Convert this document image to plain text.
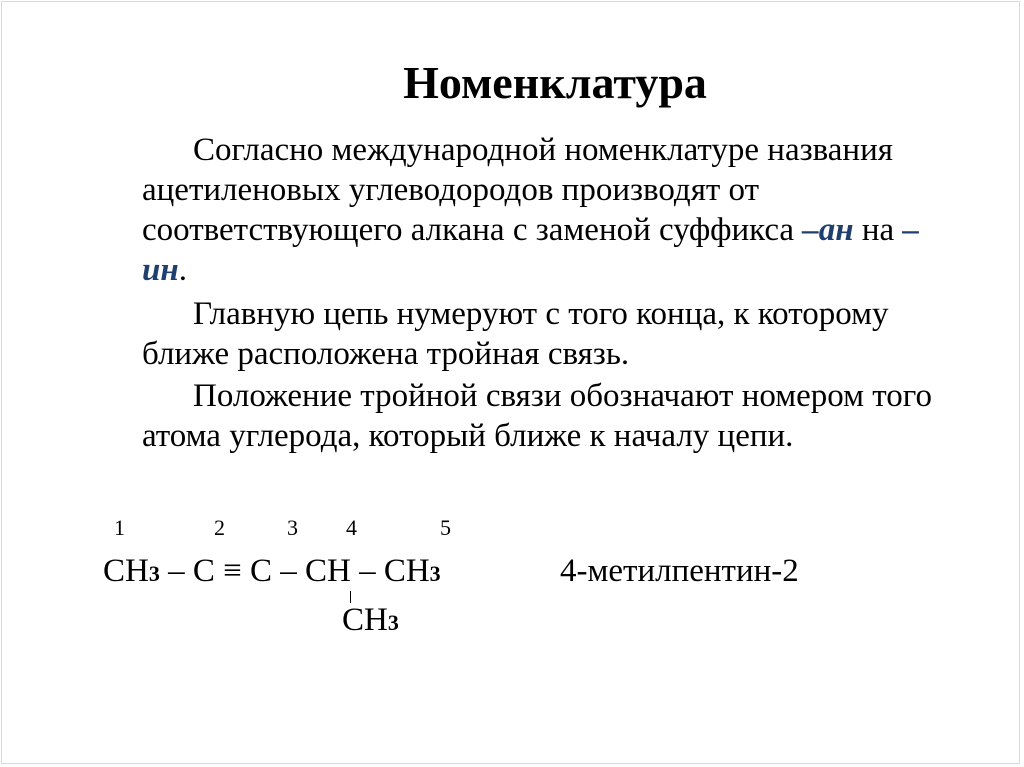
Номенклатура
Согласно международной номенклатуре названия ацетиленовых углеводородов производят от соответствующего алкана с заменой суффикса –ан на –ин.
Главную цепь нумеруют с того конца, к которому ближе расположена тройная связь.
Положение тройной связи обозначают номером того атома углерода, который ближе к началу цепи.
1	2	3 4	5
CH3 – C ≡ C – CH – CH3
CH3
4-метилпентин-2
